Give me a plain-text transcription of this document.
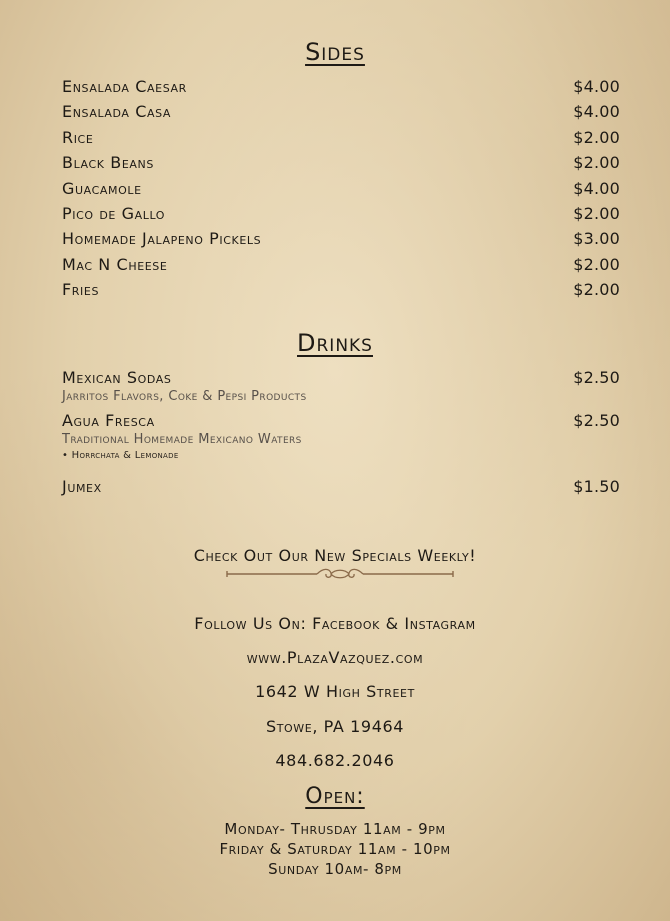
Sides
Ensalada Caesar	$4.00
Ensalada Casa	$4.00
Rice	$2.00
Black Beans	$2.00
Guacamole	$4.00
Pico de Gallo	$2.00
Homemade Jalapeno Pickels	$3.00
Mac N Cheese	$2.00
Fries	$2.00
Drinks
Mexican Sodas	$2.50
Jarritos Flavors, Coke & Pepsi Products
Agua Fresca	$2.50
Traditional Homemade Mexicano Waters
• Horrchata & Lemonade
Jumex	$1.50
Check Out Our New Specials Weekly!
Follow Us On: Facebook & Instagram
www.PlazaVazquez.com
1642 W High Street
Stowe, PA 19464
484.682.2046
Open:
Monday- Thrusday 11am - 9pm
Friday & Saturday 11am - 10pm
Sunday 10am- 8pm
